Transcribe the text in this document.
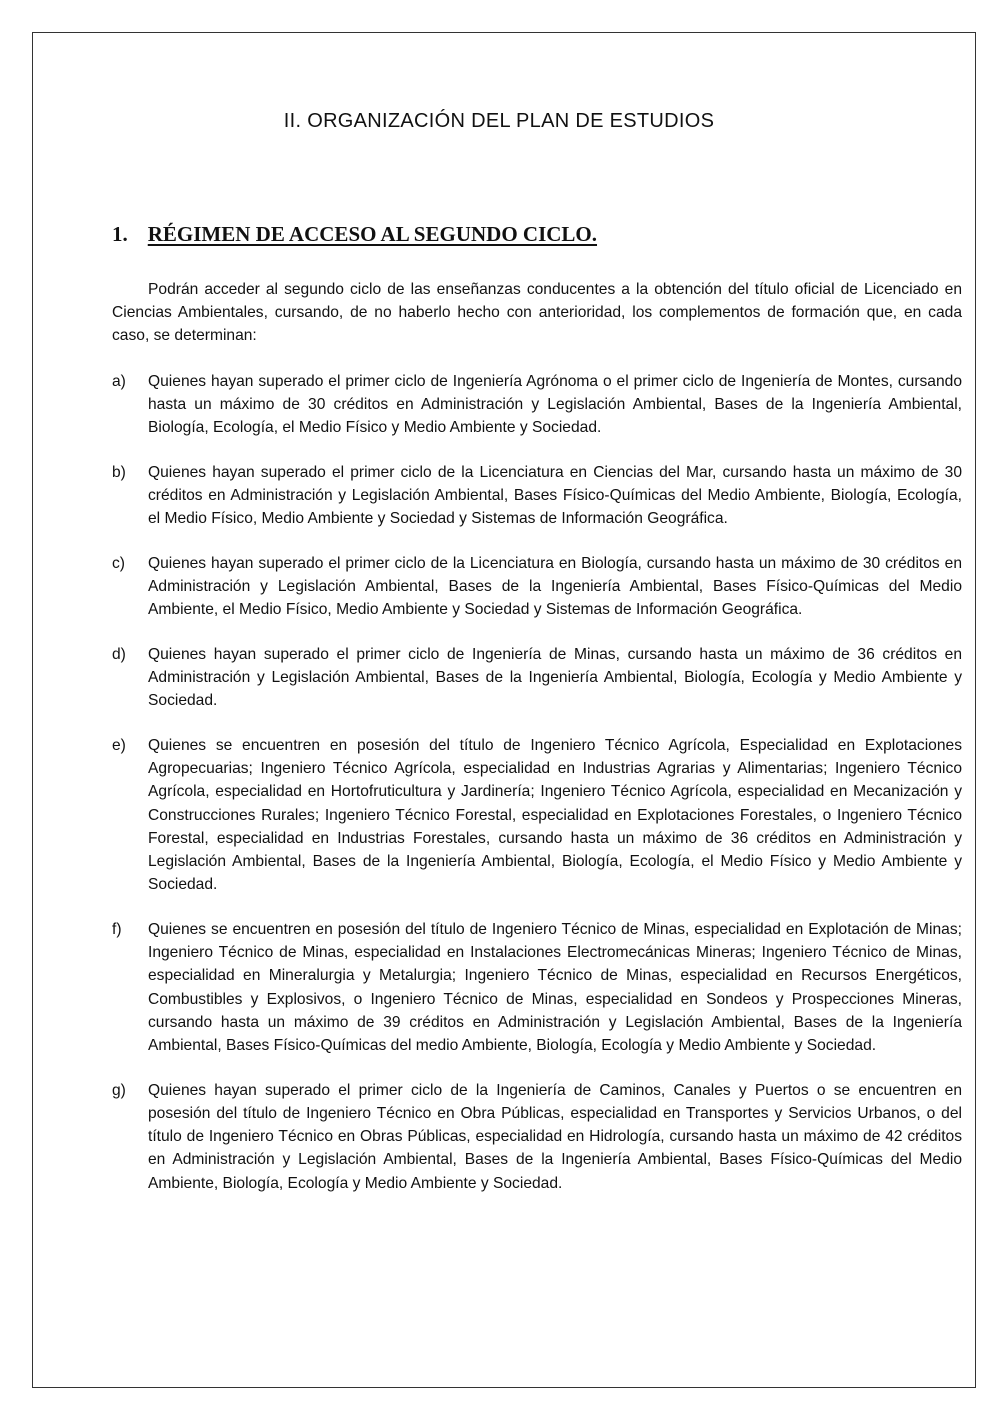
II. ORGANIZACIÓN DEL PLAN DE ESTUDIOS
1. RÉGIMEN DE ACCESO AL SEGUNDO CICLO.

Podrán acceder al segundo ciclo de las enseñanzas conducentes a la obtención del título oficial de Licenciado en Ciencias Ambientales, cursando, de no haberlo hecho con anterioridad, los complementos de formación que, en cada caso, se determinan:

a) Quienes hayan superado el primer ciclo de Ingeniería Agrónoma o el primer ciclo de Ingeniería de Montes, cursando hasta un máximo de 30 créditos en Administración y Legislación Ambiental, Bases de la Ingeniería Ambiental, Biología, Ecología, el Medio Físico y Medio Ambiente y Sociedad.
b) Quienes hayan superado el primer ciclo de la Licenciatura en Ciencias del Mar, cursando hasta un máximo de 30 créditos en Administración y Legislación Ambiental, Bases Físico-Químicas del Medio Ambiente, Biología, Ecología, el Medio Físico, Medio Ambiente y Sociedad y Sistemas de Información Geográfica.
c) Quienes hayan superado el primer ciclo de la Licenciatura en Biología, cursando hasta un máximo de 30 créditos en Administración y Legislación Ambiental, Bases de la Ingeniería Ambiental, Bases Físico-Químicas del Medio Ambiente, el Medio Físico, Medio Ambiente y Sociedad y Sistemas de Información Geográfica.
d) Quienes hayan superado el primer ciclo de Ingeniería de Minas, cursando hasta un máximo de 36 créditos en Administración y Legislación Ambiental, Bases de la Ingeniería Ambiental, Biología, Ecología y Medio Ambiente y Sociedad.
e) Quienes se encuentren en posesión del título de Ingeniero Técnico Agrícola, Especialidad en Explotaciones Agropecuarias; Ingeniero Técnico Agrícola, especialidad en Industrias Agrarias y Alimentarias; Ingeniero Técnico Agrícola, especialidad en Hortofruticultura y Jardinería; Ingeniero Técnico Agrícola, especialidad en Mecanización y Construcciones Rurales; Ingeniero Técnico Forestal, especialidad en Explotaciones Forestales, o Ingeniero Técnico Forestal, especialidad en Industrias Forestales, cursando hasta un máximo de 36 créditos en Administración y Legislación Ambiental, Bases de la Ingeniería Ambiental, Biología, Ecología, el Medio Físico y Medio Ambiente y Sociedad.
f) Quienes se encuentren en posesión del título de Ingeniero Técnico de Minas, especialidad en Explotación de Minas; Ingeniero Técnico de Minas, especialidad en Instalaciones Electromecánicas Mineras; Ingeniero Técnico de Minas, especialidad en Mineralurgia y Metalurgia; Ingeniero Técnico de Minas, especialidad en Recursos Energéticos, Combustibles y Explosivos, o Ingeniero Técnico de Minas, especialidad en Sondeos y Prospecciones Mineras, cursando hasta un máximo de 39 créditos en Administración y Legislación Ambiental, Bases de la Ingeniería Ambiental, Bases Físico-Químicas del medio Ambiente, Biología, Ecología y Medio Ambiente y Sociedad.
g) Quienes hayan superado el primer ciclo de la Ingeniería de Caminos, Canales y Puertos o se encuentren en posesión del título de Ingeniero Técnico en Obra Públicas, especialidad en Transportes y Servicios Urbanos, o del título de Ingeniero Técnico en Obras Públicas, especialidad en Hidrología, cursando hasta un máximo de 42 créditos en Administración y Legislación Ambiental, Bases de la Ingeniería Ambiental, Bases Físico-Químicas del Medio Ambiente, Biología, Ecología y Medio Ambiente y Sociedad.
